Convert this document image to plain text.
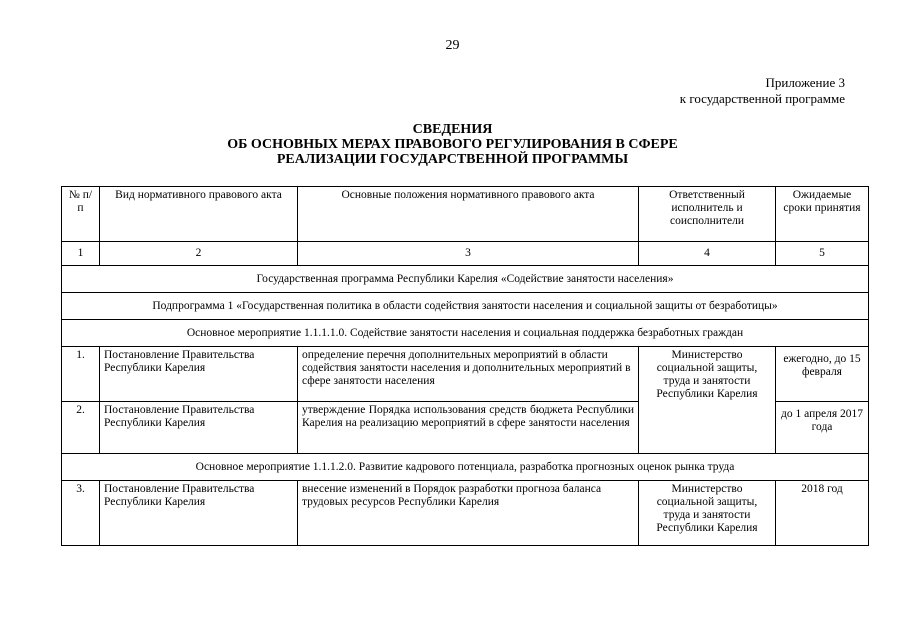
29
Приложение 3
к государственной программе
СВЕДЕНИЯ
ОБ ОСНОВНЫХ МЕРАХ ПРАВОВОГО РЕГУЛИРОВАНИЯ В СФЕРЕ
РЕАЛИЗАЦИИ ГОСУДАРСТВЕННОЙ ПРОГРАММЫ
№ п/п	Вид нормативного правового акта	Основные положения нормативного правового акта	Ответственный исполнитель и соисполнители	Ожидаемые сроки принятия
1	2	3	4	5
Государственная программа Республики Карелия «Содействие занятости населения»				
Подпрограмма 1 «Государственная политика в области содействия занятости населения и социальной защиты от безработицы»				
Основное мероприятие 1.1.1.1.0. Содействие занятости населения и социальная поддержка безработных граждан				
1.	Постановление Правительства Республики Карелия	определение перечня дополнительных мероприятий в области содействия занятости населения и дополнительных мероприятий в сфере занятости населения	Министерство социальной защиты, труда и занятости Республики Карелия	ежегодно, до 15 февраля
2.	Постановление Правительства Республики Карелия	утверждение Порядка использования средств бюджета Республики Карелия на реализацию мероприятий в сфере занятости населения		до 1 апреля 2017 года
Основное мероприятие 1.1.1.2.0. Развитие кадрового потенциала, разработка прогнозных оценок рынка труда				
3.	Постановление Правительства Республики Карелия	внесение изменений в Порядок разработки прогноза баланса трудовых ресурсов Республики Карелия	Министерство социальной защиты, труда и занятости Республики Карелия	2018 год
